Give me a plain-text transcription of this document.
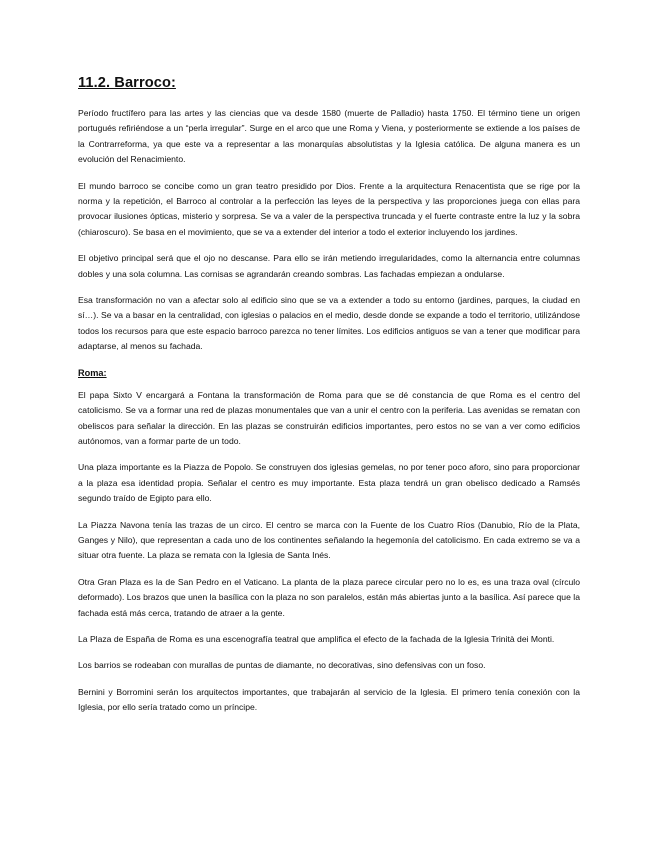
11.2. Barroco:

Período fructífero para las artes y las ciencias que va desde 1580 (muerte de Palladio) hasta 1750. El término tiene un origen portugués refiriéndose a un “perla irregular”. Surge en el arco que une Roma y Viena, y posteriormente se extiende a los países de la Contrarreforma, ya que este va a representar a las monarquías absolutistas y la Iglesia católica. De alguna manera es un evolución del Renacimiento.

El mundo barroco se concibe como un gran teatro presidido por Dios. Frente a la arquitectura Renacentista que se rige por la norma y la repetición, el Barroco al controlar a la perfección las leyes de la perspectiva y las proporciones juega con ellas para provocar ilusiones ópticas, misterio y sorpresa. Se va a valer de la perspectiva truncada y el fuerte contraste entre la luz y la sobra (chiaroscuro). Se basa en el movimiento, que se va a extender del interior a todo el exterior incluyendo los jardines.

El objetivo principal será que el ojo no descanse. Para ello se irán metiendo irregularidades, como la alternancia entre columnas dobles y una sola columna. Las cornisas se agrandarán creando sombras. Las fachadas empiezan a ondularse.

Esa transformación no van a afectar solo al edificio sino que se va a extender a todo su entorno (jardines, parques, la ciudad en sí…). Se va a basar en la centralidad, con iglesias o palacios en el medio, desde donde se expande a todo el territorio, utilizándose todos los recursos para que este espacio barroco parezca no tener límites. Los edificios antiguos se van a tener que modificar para adaptarse, al menos su fachada.

Roma:

El papa Sixto V encargará a Fontana la transformación de Roma para que se dé constancia de que Roma es el centro del catolicismo. Se va a formar una red de plazas monumentales que van a unir el centro con la periferia. Las avenidas se rematan con obeliscos para señalar la dirección. En las plazas se construirán edificios importantes, pero estos no se van a ver como edificios autónomos, van a formar parte de un todo.

Una plaza importante es la Piazza de Popolo. Se construyen dos iglesias gemelas, no por tener poco aforo, sino para proporcionar a la plaza esa identidad propia. Señalar el centro es muy importante. Esta plaza tendrá un gran obelisco dedicado a Ramsés segundo traído de Egipto para ello.

La Piazza Navona tenía las trazas de un circo. El centro se marca con la Fuente de los Cuatro Ríos (Danubio, Río de la Plata, Ganges y Nilo), que representan a cada uno de los continentes señalando la hegemonía del catolicismo. En cada extremo se va a situar otra fuente. La plaza se remata con la Iglesia de Santa Inés.

Otra Gran Plaza es la de San Pedro en el Vaticano. La planta de la plaza parece circular pero no lo es, es una traza oval (círculo deformado). Los brazos que unen la basílica con la plaza no son paralelos, están más abiertas junto a la basílica. Así parece que la fachada está más cerca, tratando de atraer a la gente.

La Plaza de España de Roma es una escenografía teatral que amplifica el efecto de la fachada de la Iglesia Trinità dei Monti.

Los barrios se rodeaban con murallas de puntas de diamante, no decorativas, sino defensivas con un foso.

Bernini y Borromini serán los arquitectos importantes, que trabajarán al servicio de la Iglesia. El primero tenía conexión con la Iglesia, por ello sería tratado como un príncipe.
